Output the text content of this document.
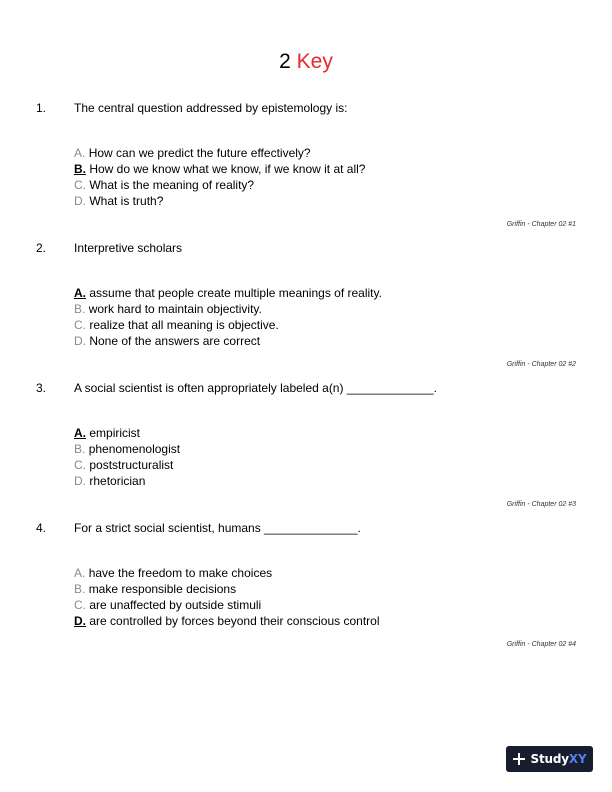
2 Key
1. The central question addressed by epistemology is:
A. How can we predict the future effectively?
B. How do we know what we know, if we know it at all?
C. What is the meaning of reality?
D. What is truth?
Griffin - Chapter 02 #1
2. Interpretive scholars
A. assume that people create multiple meanings of reality.
B. work hard to maintain objectivity.
C. realize that all meaning is objective.
D. None of the answers are correct
Griffin - Chapter 02 #2
3. A social scientist is often appropriately labeled a(n) _____________.
A. empiricist
B. phenomenologist
C. poststructuralist
D. rhetorician
Griffin - Chapter 02 #3
4. For a strict social scientist, humans ______________.
A. have the freedom to make choices
B. make responsible decisions
C. are unaffected by outside stimuli
D. are controlled by forces beyond their conscious control
Griffin - Chapter 02 #4
StudyXY
